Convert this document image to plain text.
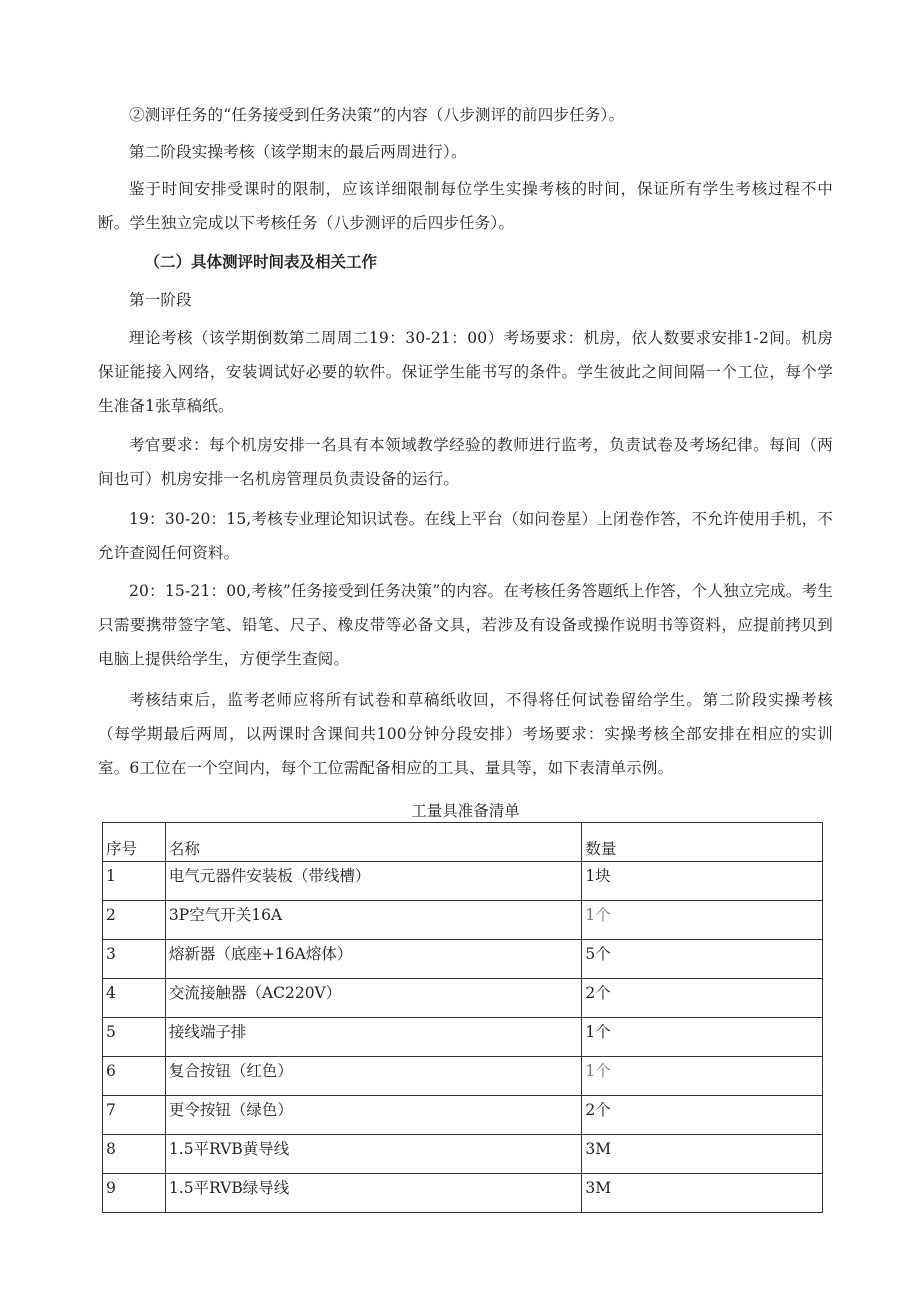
②测评任务的“任务接受到任务决策”的内容（八步测评的前四步任务）。

第二阶段实操考核（该学期末的最后两周进行）。

鉴于时间安排受课时的限制，应该详细限制每位学生实操考核的时间，保证所有学生考核过程不中断。学生独立完成以下考核任务（八步测评的后四步任务）。

（二）具体测评时间表及相关工作

第一阶段

理论考核（该学期倒数第二周周二19：30-21：00）考场要求：机房，依人数要求安排1-2间。机房保证能接入网络，安装调试好必要的软件。保证学生能书写的条件。学生彼此之间间隔一个工位，每个学生准备1张草稿纸。

考官要求：每个机房安排一名具有本领域教学经验的教师进行监考，负责试卷及考场纪律。每间（两间也可）机房安排一名机房管理员负责设备的运行。

19：30-20：15,考核专业理论知识试卷。在线上平台（如问卷星）上闭卷作答，不允许使用手机，不允许查阅任何资料。

20：15-21：00,考核”任务接受到任务决策”的内容。在考核任务答题纸上作答，个人独立完成。考生只需要携带签字笔、铅笔、尺子、橡皮带等必备文具，若涉及有设备或操作说明书等资料，应提前拷贝到电脑上提供给学生，方便学生查阅。

考核结束后，监考老师应将所有试卷和草稿纸收回，不得将任何试卷留给学生。第二阶段实操考核（每学期最后两周，以两课时含课间共100分钟分段安排）考场要求：实操考核全部安排在相应的实训室。6工位在一个空间内，每个工位需配备相应的工具、量具等，如下表清单示例。

工量具准备清单
序号	名称	数量
1	电气元器件安装板（带线槽）	1块
2	3P空气开关16A	1个
3	熔新器（底座+16A熔体）	5个
4	交流接触器（AC220V）	2个
5	接线端子排	1个
6	复合按钮（红色）	1个
7	更令按钮（绿色）	2个
8	1.5平RVB黄导线	3M
9	1.5平RVB绿导线	3M
